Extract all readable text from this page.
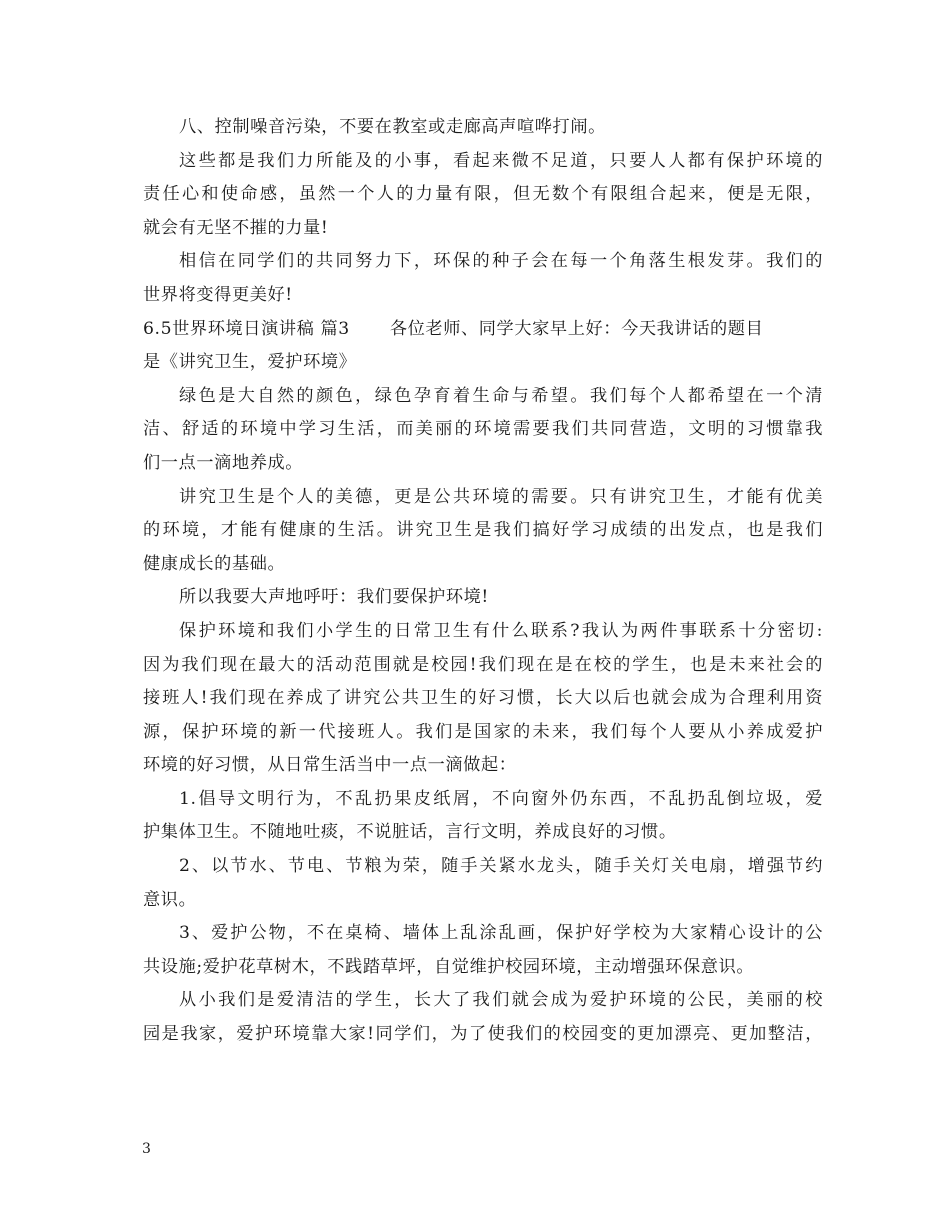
八、控制噪音污染，不要在教室或走廊高声喧哗打闹。
这些都是我们力所能及的小事，看起来微不足道，只要人人都有保护环境的
责任心和使命感，虽然一个人的力量有限，但无数个有限组合起来，便是无限，
就会有无坚不摧的力量!
相信在同学们的共同努力下，环保的种子会在每一个角落生根发芽。我们的
世界将变得更美好!
6.5世界环境日演讲稿 篇3 各位老师、同学大家早上好：今天我讲话的题目
是《讲究卫生，爱护环境》
绿色是大自然的颜色，绿色孕育着生命与希望。我们每个人都希望在一个清
洁、舒适的环境中学习生活，而美丽的环境需要我们共同营造，文明的习惯靠我
们一点一滴地养成。
讲究卫生是个人的美德，更是公共环境的需要。只有讲究卫生，才能有优美
的环境，才能有健康的生活。讲究卫生是我们搞好学习成绩的出发点，也是我们
健康成长的基础。
所以我要大声地呼吁：我们要保护环境!
保护环境和我们小学生的日常卫生有什么联系?我认为两件事联系十分密切:
因为我们现在最大的活动范围就是校园!我们现在是在校的学生，也是未来社会的
接班人!我们现在养成了讲究公共卫生的好习惯，长大以后也就会成为合理利用资
源，保护环境的新一代接班人。我们是国家的未来，我们每个人要从小养成爱护
环境的好习惯，从日常生活当中一点一滴做起：
1.倡导文明行为，不乱扔果皮纸屑，不向窗外仍东西，不乱扔乱倒垃圾，爱
护集体卫生。不随地吐痰，不说脏话，言行文明，养成良好的习惯。
2、以节水、节电、节粮为荣，随手关紧水龙头，随手关灯关电扇，增强节约
意识。
3、爱护公物，不在桌椅、墙体上乱涂乱画，保护好学校为大家精心设计的公
共设施;爱护花草树木，不践踏草坪，自觉维护校园环境，主动增强环保意识。
从小我们是爱清洁的学生，长大了我们就会成为爱护环境的公民，美丽的校
园是我家，爱护环境靠大家!同学们，为了使我们的校园变的更加漂亮、更加整洁，
3
